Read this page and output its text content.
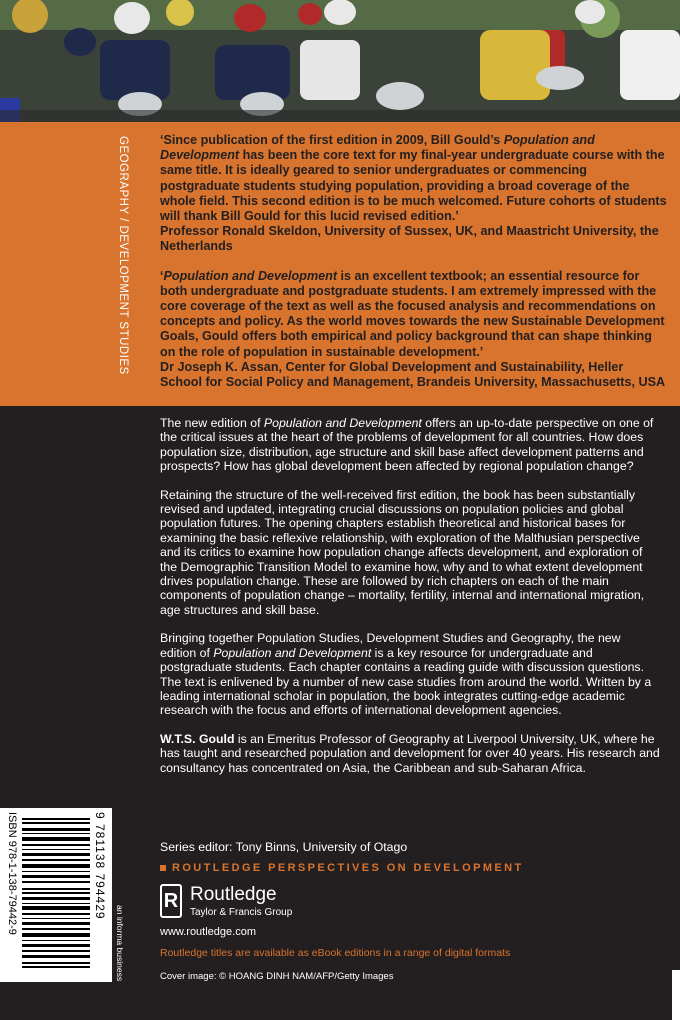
GEOGRAPHY / DEVELOPMENT STUDIES ‘Since publication of the first edition in 2009, Bill Gould’s Population and Development has been the core text for my final-year undergraduate course with the same title. It is ideally geared to senior undergraduates or commencing postgraduate students studying population, providing a broad coverage of the whole field. This second edition is to be much welcomed. Future cohorts of students will thank Bill Gould for this lucid revised edition.’
Professor Ronald Skeldon, University of Sussex, UK, and Maastricht University, the Netherlands

‘Population and Development is an excellent textbook; an essential resource for both undergraduate and postgraduate students. I am extremely impressed with the core coverage of the text as well as the focused analysis and recommendations on concepts and policy. As the world moves towards the new Sustainable Development Goals, Gould offers both empirical and policy background that can shape thinking on the role of population in sustainable development.’
Dr Joseph K. Assan, Center for Global Development and Sustainability, Heller School for Social Policy and Management, Brandeis University, Massachusetts, USA

The new edition of Population and Development offers an up-to-date perspective on one of the critical issues at the heart of the problems of development for all countries. How does population size, distribution, age structure and skill base affect development patterns and prospects? How has global development been affected by regional population change?

Retaining the structure of the well-received first edition, the book has been substantially revised and updated, integrating crucial discussions on population policies and global population futures. The opening chapters establish theoretical and historical bases for examining the basic reflexive relationship, with exploration of the Malthusian perspective and its critics to examine how population change affects development, and exploration of the Demographic Transition Model to examine how, why and to what extent development drives population change. These are followed by rich chapters on each of the main components of population change – mortality, fertility, internal and international migration, age structures and skill base.

Bringing together Population Studies, Development Studies and Geography, the new edition of Population and Development is a key resource for undergraduate and postgraduate students. Each chapter contains a reading guide with discussion questions. The text is enlivened by a number of new case studies from around the world. Written by a leading international scholar in population, the book integrates cutting-edge academic research with the focus and efforts of international development agencies.

W.T.S. Gould is an Emeritus Professor of Geography at Liverpool University, UK, where he has taught and researched population and development for over 40 years. His research and consultancy has concentrated on Asia, the Caribbean and sub-Saharan Africa.

Series editor: Tony Binns, University of Otago
ROUTLEDGE PERSPECTIVES ON DEVELOPMENT
R Routledge
Taylor & Francis Group
www.routledge.com
Routledge titles are available as eBook editions in a range of digital formats
Cover image: © HOANG DINH NAM/AFP/Getty Images
ISBN 978-1-138-79442-9	9 781138 794429
an informa business
